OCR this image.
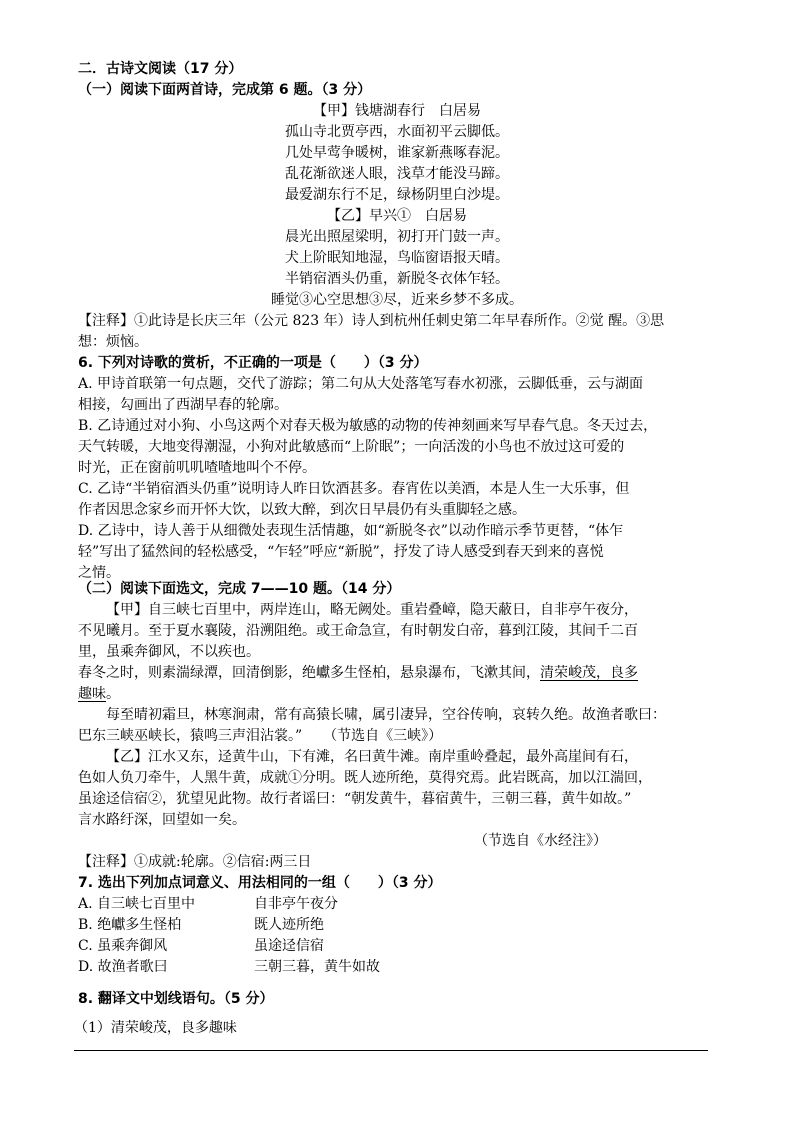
二．古诗文阅读（17 分）
（一）阅读下面两首诗，完成第 6 题。（3 分）
【甲】钱塘湖春行　白居易
孤山寺北贾亭西，水面初平云脚低。
几处早莺争暖树，谁家新燕啄春泥。
乱花渐欲迷人眼，浅草才能没马蹄。
最爱湖东行不足，绿杨阴里白沙堤。
【乙】早兴①　白居易
晨光出照屋梁明，初打开门鼓一声。
犬上阶眠知地湿，鸟临窗语报天晴。
半销宿酒头仍重，新脱冬衣体乍轻。
睡觉③心空思想③尽，近来乡梦不多成。
【注释】①此诗是长庆三年（公元 823 年）诗人到杭州任刺史第二年早春所作。②觉 醒。③思
想：烦恼。
6. 下列对诗歌的赏析，不正确的一项是（　　）（3 分）
A. 甲诗首联第一句点题，交代了游踪；第二句从大处落笔写春水初涨，云脚低垂，云与湖面
相接，勾画出了西湖早春的轮廓。
B. 乙诗通过对小狗、小鸟这两个对春天极为敏感的动物的传神刻画来写早春气息。冬天过去，
天气转暖，大地变得潮湿，小狗对此敏感而“上阶眠”；一向活泼的小鸟也不放过这可爱的
时光，正在窗前叽叽喳喳地叫个不停。
C. 乙诗“半销宿酒头仍重”说明诗人昨日饮酒甚多。春宵佐以美酒，本是人生一大乐事，但
作者因思念家乡而开怀大饮，以致大醉，到次日早晨仍有头重脚轻之感。
D. 乙诗中，诗人善于从细微处表现生活情趣，如“新脱冬衣”以动作暗示季节更替，“体乍
轻”写出了猛然间的轻松感受，“乍轻”呼应“新脱”，抒发了诗人感受到春天到来的喜悦
之情。
（二）阅读下面选文，完成 7——10 题。（14 分）
【甲】自三峡七百里中，两岸连山，略无阙处。重岩叠嶂，隐天蔽日，自非亭午夜分，
不见曦月。至于夏水襄陵，沿溯阻绝。或王命急宣，有时朝发白帝，暮到江陵，其间千二百
里，虽乘奔御风，不以疾也。
春冬之时，则素湍绿潭，回清倒影，绝巘多生怪柏，悬泉瀑布，飞漱其间，清荣峻茂，良多
趣味。
每至晴初霜旦，林寒涧肃，常有高猿长啸，属引凄异，空谷传响，哀转久绝。故渔者歌曰：
巴东三峡巫峡长，猿鸣三声泪沾裳。”　　（节选自《三峡》）
【乙】江水又东，迳黄牛山，下有滩，名曰黄牛滩。南岸重岭叠起，最外高崖间有石，
色如人负刀牵牛，人黑牛黄，成就①分明。既人迹所绝，莫得究焉。此岩既高，加以江湍回，
虽途迳信宿②，犹望见此物。故行者谣曰：“朝发黄牛，暮宿黄牛，三朝三暮，黄牛如故。”
言水路纡深，回望如一矣。
（节选自《水经注》）
【注释】①成就:轮廓。②信宿:两三日
7. 选出下列加点词意义、用法相同的一组（　　）（3 分）
A. 自三峡七百里中	自非亭午夜分
B. 绝巘多生怪柏	既人迹所绝
C. 虽乘奔御风	虽途迳信宿
D. 故渔者歌曰	三朝三暮，黄牛如故
8. 翻译文中划线语句。（5 分）
（1）清荣峻茂，良多趣味
